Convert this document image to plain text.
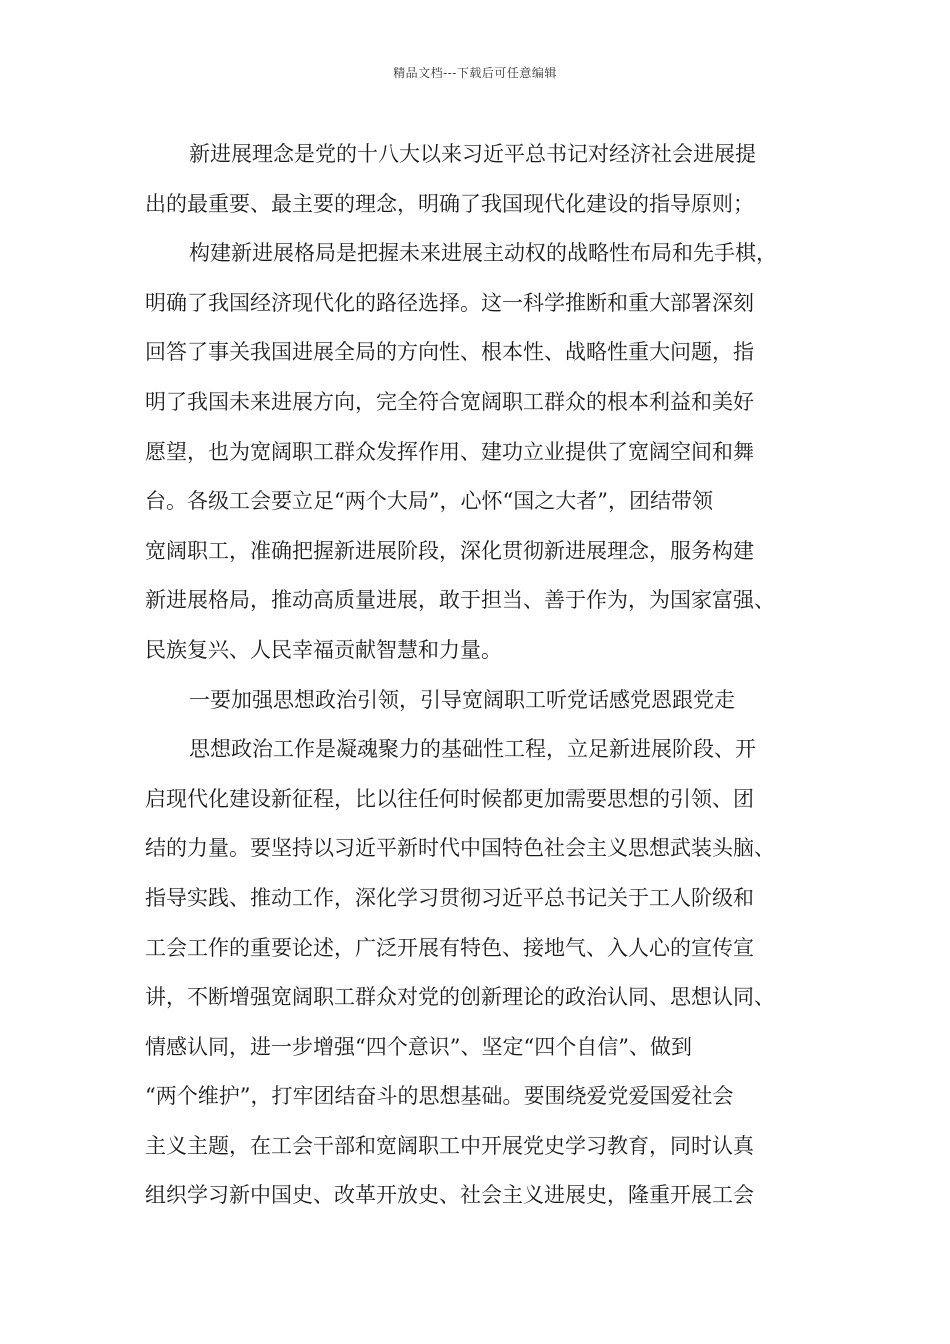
精品文档---下载后可任意编辑
新进展理念是党的十八大以来习近平总书记对经济社会进展提
出的最重要、最主要的理念，明确了我国现代化建设的指导原则；
构建新进展格局是把握未来进展主动权的战略性布局和先手棋，
明确了我国经济现代化的路径选择。这一科学推断和重大部署深刻
回答了事关我国进展全局的方向性、根本性、战略性重大问题，指
明了我国未来进展方向，完全符合宽阔职工群众的根本利益和美好
愿望，也为宽阔职工群众发挥作用、建功立业提供了宽阔空间和舞
台。各级工会要立足“两个大局”，心怀“国之大者”，团结带领
宽阔职工，准确把握新进展阶段，深化贯彻新进展理念，服务构建
新进展格局，推动高质量进展，敢于担当、善于作为，为国家富强、
民族复兴、人民幸福贡献智慧和力量。
一要加强思想政治引领，引导宽阔职工听党话感党恩跟党走
思想政治工作是凝魂聚力的基础性工程，立足新进展阶段、开
启现代化建设新征程，比以往任何时候都更加需要思想的引领、团
结的力量。要坚持以习近平新时代中国特色社会主义思想武装头脑、
指导实践、推动工作，深化学习贯彻习近平总书记关于工人阶级和
工会工作的重要论述，广泛开展有特色、接地气、入人心的宣传宣
讲，不断增强宽阔职工群众对党的创新理论的政治认同、思想认同、
情感认同，进一步增强“四个意识”、坚定“四个自信”、做到
“两个维护”，打牢团结奋斗的思想基础。要围绕爱党爱国爱社会
主义主题，在工会干部和宽阔职工中开展党史学习教育，同时认真
组织学习新中国史、改革开放史、社会主义进展史，隆重开展工会
